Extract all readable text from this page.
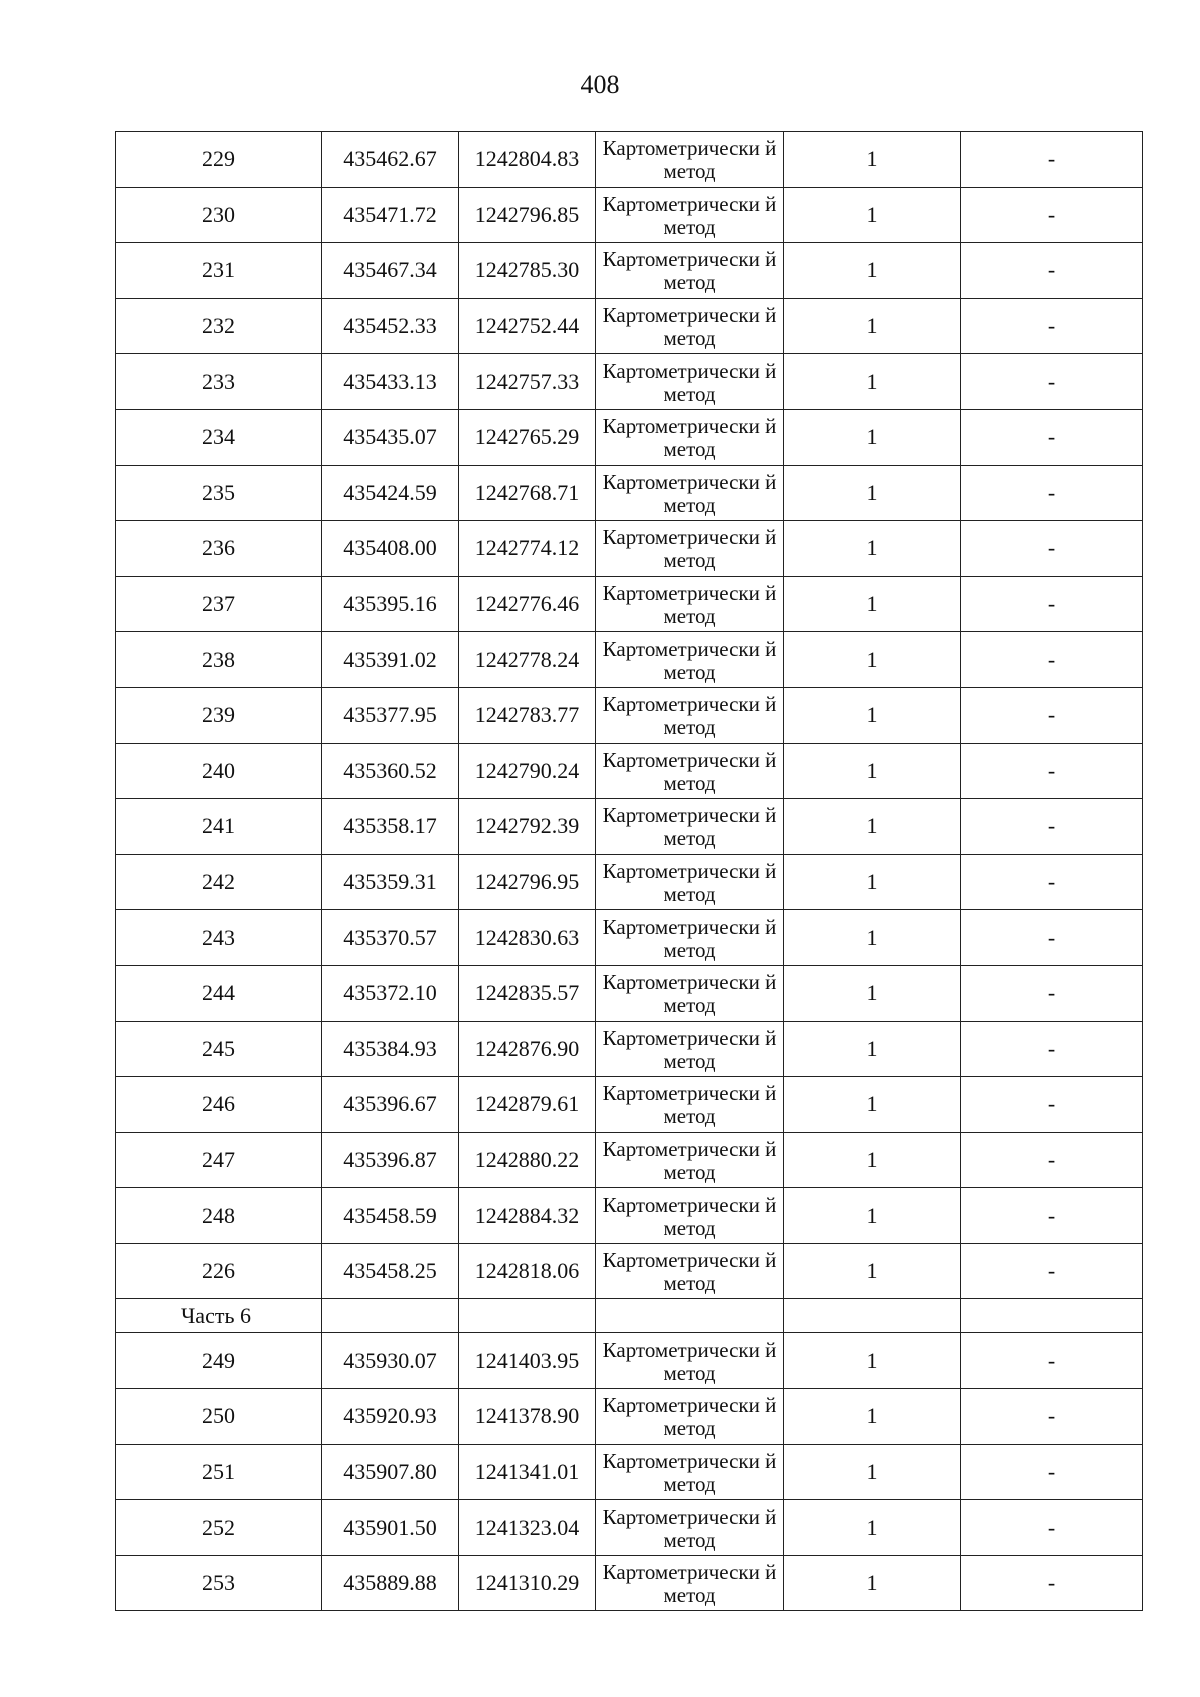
408
229	435462.67	1242804.83	Картометрически й метод	1	-
230	435471.72	1242796.85	Картометрически й метод	1	-
231	435467.34	1242785.30	Картометрически й метод	1	-
232	435452.33	1242752.44	Картометрически й метод	1	-
233	435433.13	1242757.33	Картометрически й метод	1	-
234	435435.07	1242765.29	Картометрически й метод	1	-
235	435424.59	1242768.71	Картометрически й метод	1	-
236	435408.00	1242774.12	Картометрически й метод	1	-
237	435395.16	1242776.46	Картометрически й метод	1	-
238	435391.02	1242778.24	Картометрически й метод	1	-
239	435377.95	1242783.77	Картометрически й метод	1	-
240	435360.52	1242790.24	Картометрически й метод	1	-
241	435358.17	1242792.39	Картометрически й метод	1	-
242	435359.31	1242796.95	Картометрически й метод	1	-
243	435370.57	1242830.63	Картометрически й метод	1	-
244	435372.10	1242835.57	Картометрически й метод	1	-
245	435384.93	1242876.90	Картометрически й метод	1	-
246	435396.67	1242879.61	Картометрически й метод	1	-
247	435396.87	1242880.22	Картометрически й метод	1	-
248	435458.59	1242884.32	Картометрически й метод	1	-
226	435458.25	1242818.06	Картометрически й метод	1	-
Часть 6					
249	435930.07	1241403.95	Картометрически й метод	1	-
250	435920.93	1241378.90	Картометрически й метод	1	-
251	435907.80	1241341.01	Картометрически й метод	1	-
252	435901.50	1241323.04	Картометрически й метод	1	-
253	435889.88	1241310.29	Картометрически й метод	1	-
